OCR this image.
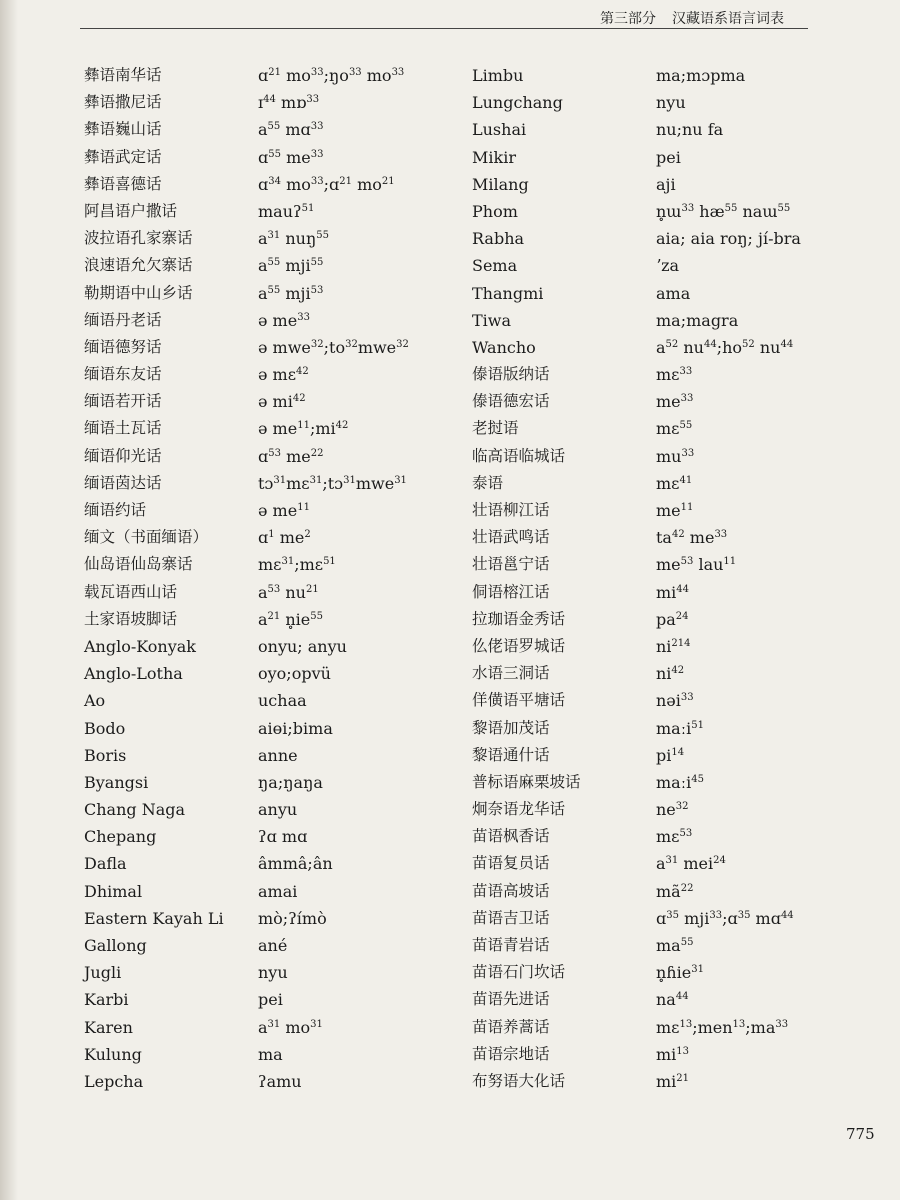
第三部分 汉藏语系语言词表
彝语南华话
彝语撒尼话
彝语巍山话
彝语武定话
彝语喜德话
阿昌语户撒话
波拉语孔家寨话
浪速语允欠寨话
勒期语中山乡话
缅语丹老话
缅语德努话
缅语东友话
缅语若开话
缅语土瓦话
缅语仰光话
缅语茵达话
缅语约话
缅文（书面缅语）
仙岛语仙岛寨话
载瓦语西山话
土家语坡脚话
Anglo-Konyak
Anglo-Lotha
Ao
Bodo
Boris
Byangsi
Chang Naga
Chepang
Dafla
Dhimal
Eastern Kayah Li
Gallong
Jugli
Karbi
Karen
Kulung
Lepcha
ɑ$^{21}$ $mo^{33};ŋo^{33}$ $mo^{33}$
ɪ$^{44}$ mɒ$^{33}$
$a^{55}$ mɑ$^{33}$
ɑ$^{55}$ $me^{33}$
ɑ$^{34}$ $mo^{33};ɑ^{21}$ $mo^{21}$
mauʔ$^{51}$
$a^{31}$ nuŋ$^{55}$
$a^{55}$ mji$^{55}$
$a^{55}$ mji$^{53}$
ə $me^{33}$
ə $mwe^{32};to^{32}mwe^{32}$
ə mɛ$^{42}$
ə $mi^{42}$
ə $me^{11};mi^{42}$
ɑ$^{53}$ $me^{22}$
tɔ$^{31}$mɛ$^{31}$;tɔ$^{31}$mwe$^{31}$
ə $me^{11}$
ɑ$^1$ $me^2$
mɛ$^{31}$;mɛ$^{51}$
$a^{53}$ $nu^{21}$
$a^{21}$ $n̥ie^{55}$
onyu; anyu
oyo;opvü
uchaa
aiɵi;bima
anne
ŋa;ŋaŋa
anyu
ʔɑ mɑ
âmmâ;ân
amai
mò;ʔímò
ané
nyu
pei
$a^{31}$ $mo^{31}$
ma
ʔamu
Limbu
Lungchang
Lushai
Mikir
Milang
Phom
Rabha
Sema
Thangmi
Tiwa
Wancho
傣语版纳话
傣语德宏话
老挝语
临高语临城话
泰语
壮语柳江话
壮语武鸣话
壮语邕宁话
侗语榕江话
拉珈语金秀话
仫佬语罗城话
水语三洞话
佯僙语平塘话
黎语加茂话
黎语通什话
普标语麻栗坡话
炯奈语龙华话
苗语枫香话
苗语复员话
苗语高坡话
苗语吉卫话
苗语青岩话
苗语石门坎话
苗语先进话
苗语养蒿话
苗语宗地话
布努语大化话
ma;mɔpma
nyu
nu;nu fa
pei
aji
n̥ɯ$^{33}$ $hæ^{55}$ naɯ$^{55}$
aia; aia roŋ; jí-bra
ʼza
ama
ma;magra
$a^{52}$ $nu^{44};ho^{52}$ $nu^{44}$
mɛ$^{33}$
$me^{33}$
mɛ$^{55}$
$mu^{33}$
mɛ$^{41}$
$me^{11}$
$ta^{42}$ $me^{33}$
$me^{53}$ lau$^{11}$
$mi^{44}$
$pa^{24}$
$ni^{214}$
$ni^{42}$
nəi$^{33}$
maːi$^{51}$
$pi^{14}$
maːi$^{45}$
$ne^{32}$
mɛ$^{53}$
$a^{31}$ mei$^{24}$
$mã^{22}$
ɑ$^{35}$ mji$^{33}$;ɑ$^{35}$ mɑ$^{44}$
$ma^{55}$
n̥ɦie$^{31}$
$na^{44}$
$mɛ^{13};men^{13};ma^{33}$
$mi^{13}$
$mi^{21}$
775
